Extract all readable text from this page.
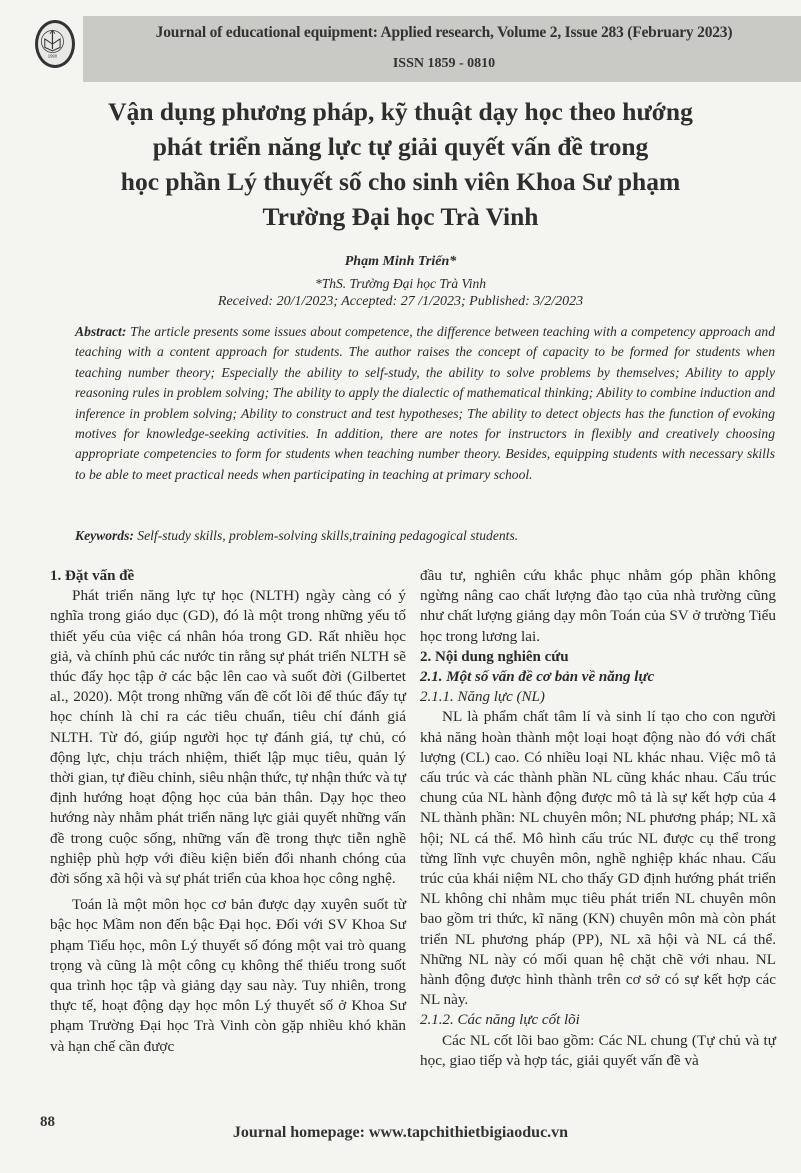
1990
Journal of educational equipment: Applied research, Volume 2, Issue 283 (February 2023)
ISSN 1859 - 0810
Vận dụng phương pháp, kỹ thuật dạy học theo hướng
phát triển năng lực tự giải quyết vấn đề trong
học phần Lý thuyết số cho sinh viên Khoa Sư phạm
Trường Đại học Trà Vinh
Phạm Minh Triển*
*ThS. Trường Đại học Trà Vinh
Received: 20/1/2023; Accepted: 27 /1/2023; Published: 3/2/2023
Abstract: The article presents some issues about competence, the difference between teaching with a competency approach and teaching with a content approach for students. The author raises the concept of capacity to be formed for students when teaching number theory; Especially the ability to self-study, the ability to solve problems by themselves; Ability to apply reasoning rules in problem solving; The ability to apply the dialectic of mathematical thinking; Ability to combine induction and inference in problem solving; Ability to construct and test hypotheses; The ability to detect objects has the function of evoking motives for knowledge-seeking activities. In addition, there are notes for instructors in flexibly and creatively choosing appropriate competencies to form for students when teaching number theory. Besides, equipping students with necessary skills to be able to meet practical needs when participating in teaching at primary school.
Keywords: Self-study skills, problem-solving skills,training pedagogical students.
1. Đặt vấn đề

Phát triển năng lực tự học (NLTH) ngày càng có ý nghĩa trong giáo dục (GD), đó là một trong những yếu tố thiết yếu của việc cá nhân hóa trong GD. Rất nhiều học giả, và chính phủ các nước tin rằng sự phát triển NLTH sẽ thúc đẩy học tập ở các bậc lên cao và suốt đời (Gilbertet al., 2020). Một trong những vấn đề cốt lõi để thúc đẩy tự học chính là chỉ ra các tiêu chuẩn, tiêu chí đánh giá NLTH. Từ đó, giúp người học tự đánh giá, tự chủ, có động lực, chịu trách nhiệm, thiết lập mục tiêu, quản lý thời gian, tự điều chỉnh, siêu nhận thức, tự nhận thức và tự định hướng hoạt động học của bản thân. Dạy học theo hướng này nhằm phát triển năng lực giải quyết những vấn đề trong cuộc sống, những vấn đề trong thực tiễn nghề nghiệp phù hợp với điều kiện biến đổi nhanh chóng của đời sống xã hội và sự phát triển của khoa học công nghệ.

Toán là một môn học cơ bản được dạy xuyên suốt từ bậc học Mầm non đến bậc Đại học. Đối với SV Khoa Sư phạm Tiểu học, môn Lý thuyết số đóng một vai trò quang trọng và cũng là một công cụ không thể thiếu trong suốt qua trình học tập và giảng dạy sau này. Tuy nhiên, trong thực tế, hoạt động dạy học môn Lý thuyết số ở Khoa Sư phạm Trường Đại học Trà Vinh còn gặp nhiều khó khăn và hạn chế cần được

đầu tư, nghiên cứu khắc phục nhằm góp phần không ngừng nâng cao chất lượng đào tạo của nhà trường cũng như chất lượng giảng dạy môn Toán của SV ở trường Tiểu học trong lương lai.

2. Nội dung nghiên cứu
2.1. Một số vấn đề cơ bản về năng lực
2.1.1. Năng lực (NL)

NL là phẩm chất tâm lí và sinh lí tạo cho con người khả năng hoàn thành một loại hoạt động nào đó với chất lượng (CL) cao. Có nhiều loại NL khác nhau. Việc mô tả cấu trúc và các thành phần NL cũng khác nhau. Cấu trúc chung của NL hành động được mô tả là sự kết hợp của 4 NL thành phần: NL chuyên môn; NL phương pháp; NL xã hội; NL cá thể. Mô hình cấu trúc NL được cụ thể trong từng lĩnh vực chuyên môn, nghề nghiệp khác nhau. Cấu trúc của khái niệm NL cho thấy GD định hướng phát triển NL không chỉ nhằm mục tiêu phát triển NL chuyên môn bao gồm tri thức, kĩ năng (KN) chuyên môn mà còn phát triển NL phương pháp (PP), NL xã hội và NL cá thể. Những NL này có mối quan hệ chặt chẽ với nhau. NL hành động được hình thành trên cơ sở có sự kết hợp các NL này.

2.1.2. Các năng lực cốt lõi

Các NL cốt lõi bao gồm: Các NL chung (Tự chủ và tự học, giao tiếp và hợp tác, giải quyết vấn đề và

88
Journal homepage: www.tapchithietbigiaoduc.vn
